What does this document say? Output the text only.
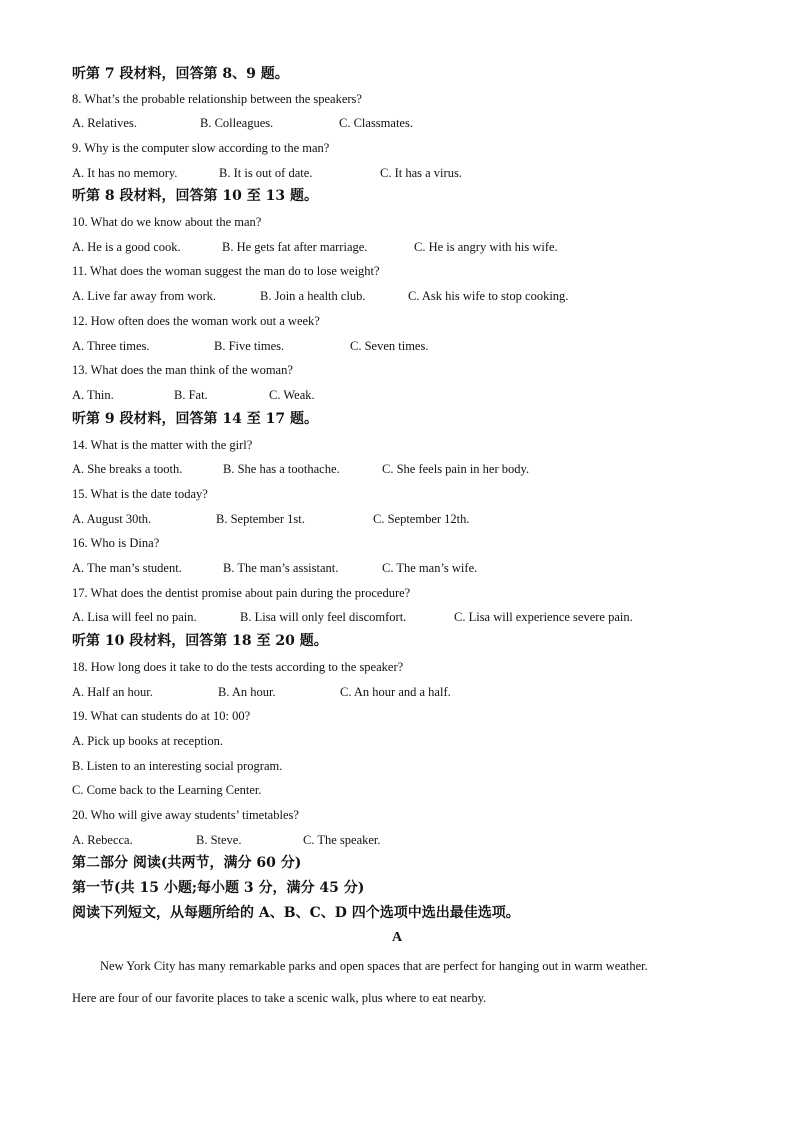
听第 7 段材料，回答第 8、9 题。
8. What’s the probable relationship between the speakers?
A. Relatives.	B. Colleagues.	C. Classmates.
9. Why is the computer slow according to the man?
A. It has no memory.	B. It is out of date.	C. It has a virus.
听第 8 段材料，回答第 10 至 13 题。
10. What do we know about the man?
A. He is a good cook.	B. He gets fat after marriage.	C. He is angry with his wife.
11. What does the woman suggest the man do to lose weight?
A. Live far away from work.	B. Join a health club.	C. Ask his wife to stop cooking.
12. How often does the woman work out a week?
A. Three times.	B. Five times.	C. Seven times.
13. What does the man think of the woman?
A. Thin.	B. Fat.	C. Weak.
听第 9 段材料，回答第 14 至 17 题。
14. What is the matter with the girl?
A. She breaks a tooth.	B. She has a toothache.	C. She feels pain in her body.
15. What is the date today?
A. August 30th.	B. September 1st.	C. September 12th.
16. Who is Dina?
A. The man’s student.	B. The man’s assistant.	C. The man’s wife.
17. What does the dentist promise about pain during the procedure?
A. Lisa will feel no pain.	B. Lisa will only feel discomfort.	C. Lisa will experience severe pain.
听第 10 段材料，回答第 18 至 20 题。
18. How long does it take to do the tests according to the speaker?
A. Half an hour.	B. An hour.	C. An hour and a half.
19. What can students do at 10: 00?
A. Pick up books at reception.
B. Listen to an interesting social program.
C. Come back to the Learning Center.
20. Who will give away students’ timetables?
A. Rebecca.	B. Steve.	C. The speaker.
第二部分 阅读(共两节，满分 60 分)
第一节(共 15 小题;每小题 3 分，满分 45 分)
阅读下列短文，从每题所给的 A、B、C、D 四个选项中选出最佳选项。
A
New York City has many remarkable parks and open spaces that are perfect for hanging out in warm weather.
Here are four of our favorite places to take a scenic walk, plus where to eat nearby.
